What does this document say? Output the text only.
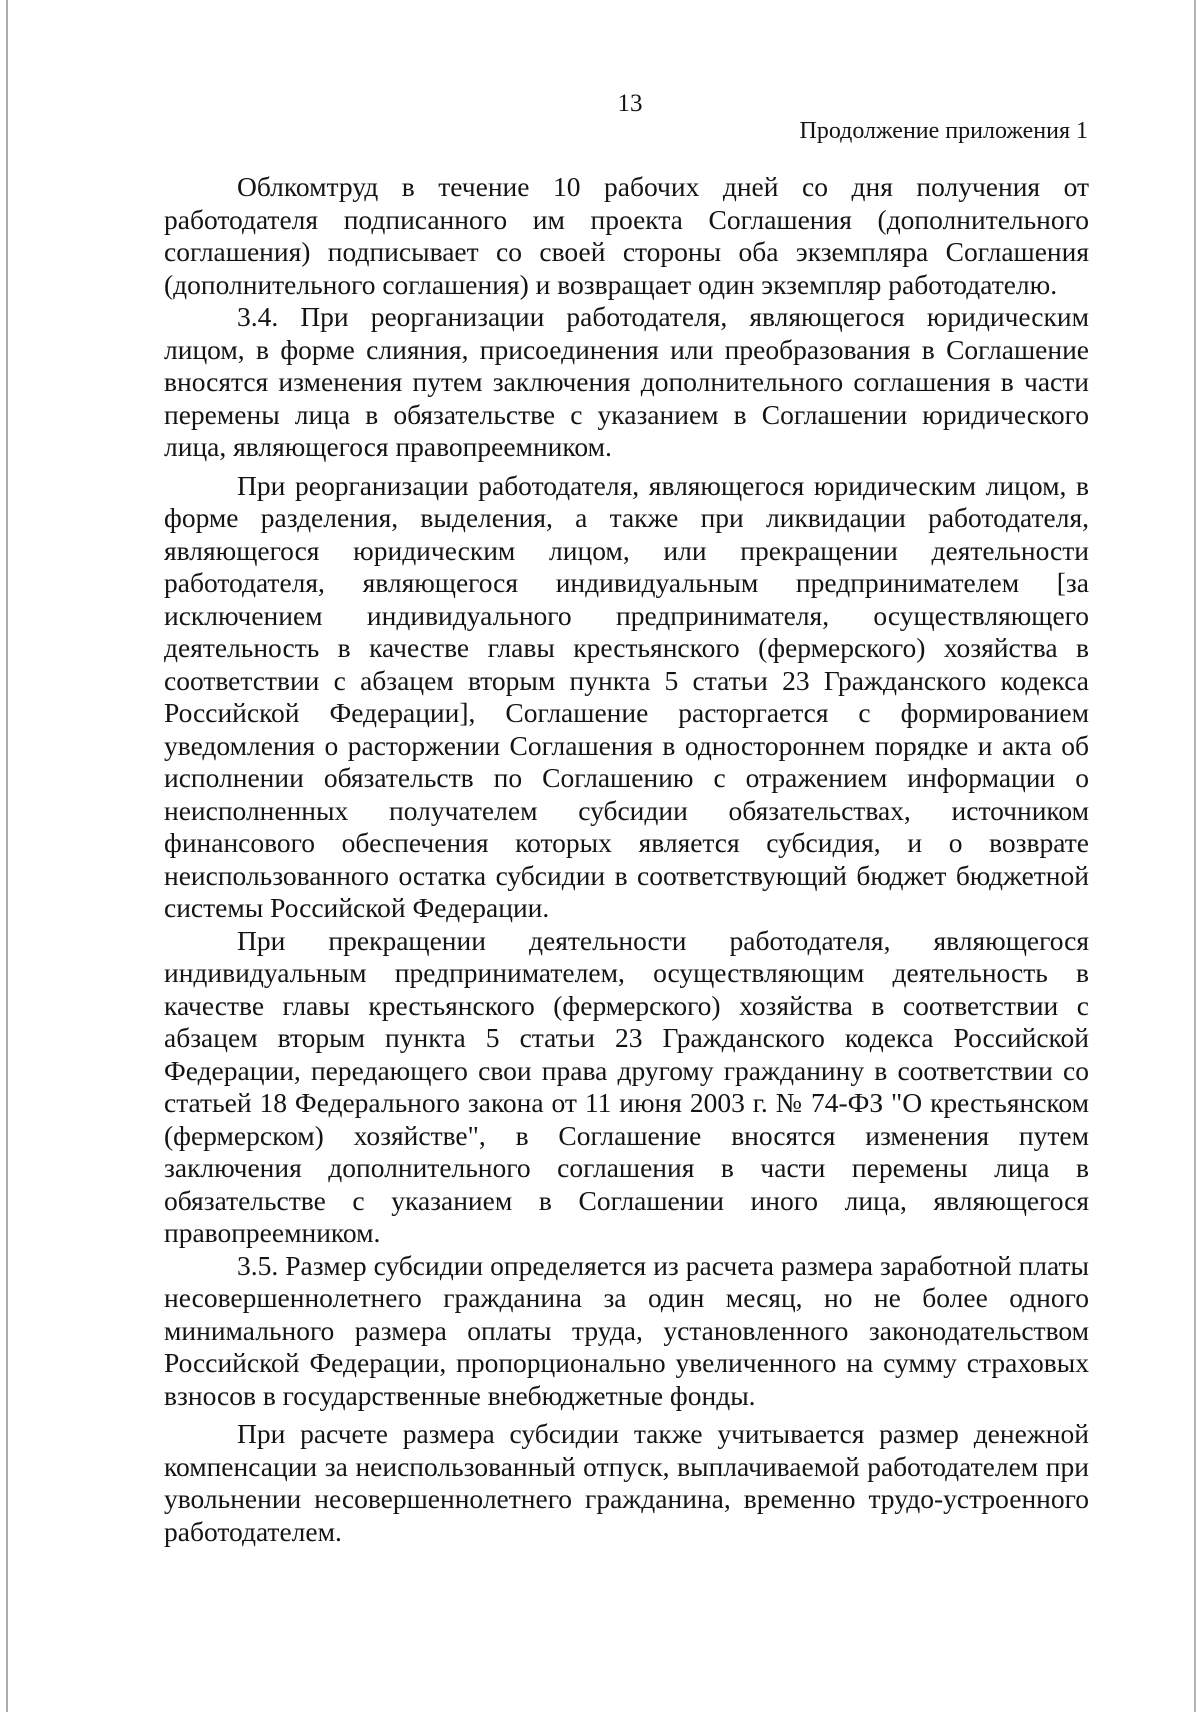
13
Продолжение приложения 1

Облкомтруд в течение 10 рабочих дней со дня получения от работодателя подписанного им проекта Соглашения (дополнительного соглашения) подписывает со своей стороны оба экземпляра Соглашения (дополнительного соглашения) и возвращает один экземпляр работодателю.

3.4. При реорганизации работодателя, являющегося юридическим лицом, в форме слияния, присоединения или преобразования в Соглашение вносятся изменения путем заключения дополнительного соглашения в части перемены лица в обязательстве с указанием в Соглашении юридического лица, являющегося правопреемником.

При реорганизации работодателя, являющегося юридическим лицом, в форме разделения, выделения, а также при ликвидации работодателя, являющегося юридическим лицом, или прекращении деятельности работодателя, являющегося индивидуальным предпринимателем [за исключением индивидуального предпринимателя, осуществляющего деятельность в качестве главы крестьянского (фермерского) хозяйства в соответствии с абзацем вторым пункта 5 статьи 23 Гражданского кодекса Российской Федерации], Соглашение расторгается с формированием уведомления о расторжении Соглашения в одностороннем порядке и акта об исполнении обязательств по Соглашению с отражением информации о неисполненных получателем субсидии обязательствах, источником финансового обеспечения которых является субсидия, и о возврате неиспользованного остатка субсидии в соответствующий бюджет бюджетной системы Российской Федерации.

При прекращении деятельности работодателя, являющегося индивидуальным предпринимателем, осуществляющим деятельность в качестве главы крестьянского (фермерского) хозяйства в соответствии с абзацем вторым пункта 5 статьи 23 Гражданского кодекса Российской Федерации, передающего свои права другому гражданину в соответствии со статьей 18 Федерального закона от 11 июня 2003 г. № 74-ФЗ "О крестьянском (фермерском) хозяйстве", в Соглашение вносятся изменения путем заключения дополнительного соглашения в части перемены лица в обязательстве с указанием в Соглашении иного лица, являющегося правопреемником.

3.5. Размер субсидии определяется из расчета размера заработной платы несовершеннолетнего гражданина за один месяц, но не более одного минимального размера оплаты труда, установленного законодательством Российской Федерации, пропорционально увеличенного на сумму страховых взносов в государственные внебюджетные фонды.

При расчете размера субсидии также учитывается размер денежной компенсации за неиспользованный отпуск, выплачиваемой работодателем при увольнении несовершеннолетнего гражданина, временно трудо-устроенного работодателем.
